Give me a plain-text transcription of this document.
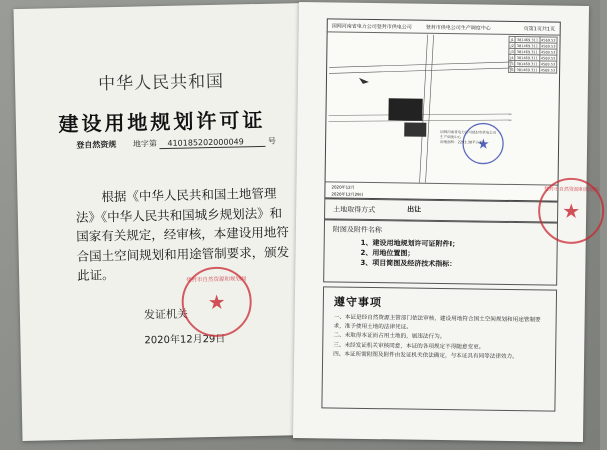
中华人民共和国
建设用地规划许可证
登自然资规 地字第 410185202000049	号
根据《中华人民共和国土地管理法》《中华人民共和国城乡规划法》和国家有关规定，经审核，本建设用地符合国土空间规划和用途管制要求，颁发此证。
发证机关
2020年12月29日
登封市自然资源和规划局
★
国网河南省电力公司登封市供电公司	登封市供电公司生产调度中心	页第1页共1页
★
国网河南省电力公司登封市供电公司
生产调度中心
用地面积：2293.30平方米
J1	381469.311	4569.53
J2	381469.311	4569.53
J3	381469.311	4569.53
J4	381469.311	4569.53
J5	381469.311	4569.53
J6	381469.311	4569.53
2020年12月
2020年12月29日
土地取得方式	出让
附图及附件名称
1、建设用地规划许可证附件I；
2、用地位置图；
3、项目简图及经济技术指标：
遵守事项
一、本证是经自然资源主管部门依法审核，建设用地符合国土空间规划和用途管制要求，准予使用土地的法律凭证。
二、未取得本证而占用土地的，属违法行为。
三、未经发证机关审核同意，本证的各项规定不得随意变更。
四、本证所需附图及附件由发证机关依法确定，与本证具有同等法律效力。
登封市自然资源和规划局
★
